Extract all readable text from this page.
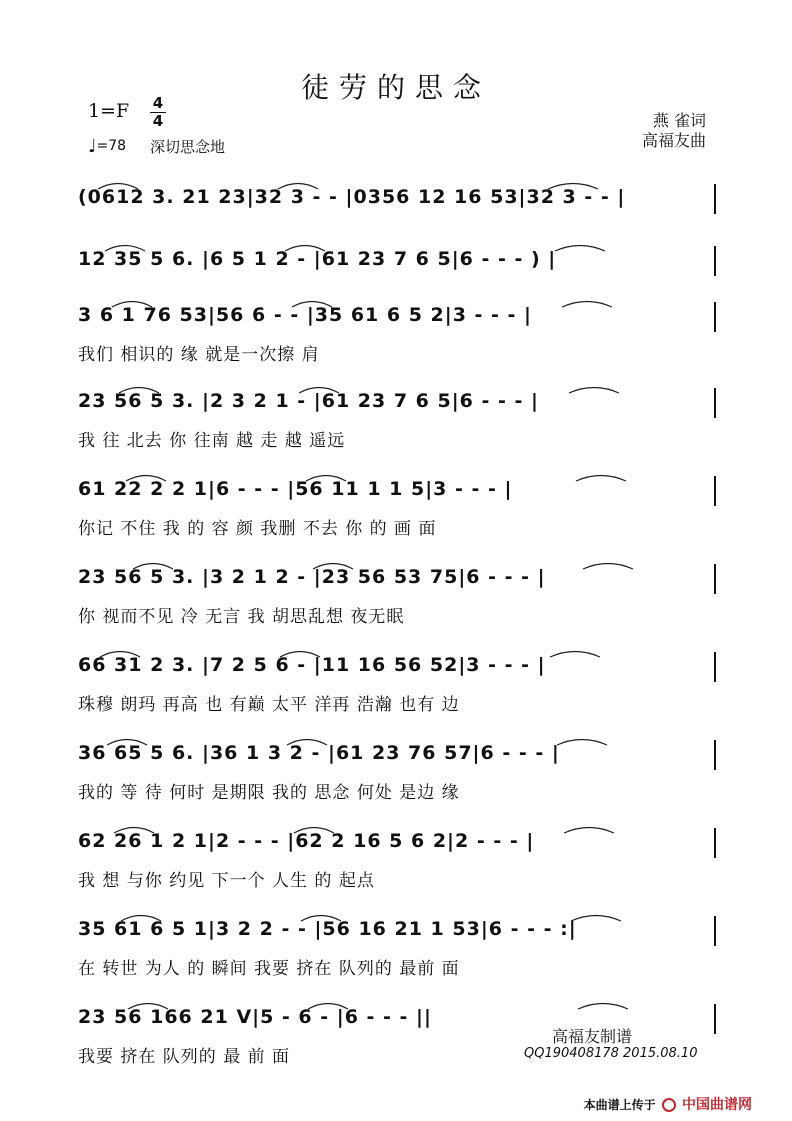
徒劳的思念
1=F 4
4
♩=78 深切思念地
燕 雀词
高福友曲
(0612 3. 21 23|32 3 - - |0356 12 16 53|32 3 - - |
12 35 5 6. |6 5 1 2 - |61 23 7 6 5|6 - - - ) |
3 6 1 76 53|56 6 - - |35 61 6 5 2|3 - - - |
我们 相识的 缘 就是一次擦 肩
23 56 5 3. |2 3 2 1 - |61 23 7 6 5|6 - - - |
我 往 北去 你 往南 越 走 越 遥远
61 22 2 2 1|6 - - - |56 11 1 1 5|3 - - - |
你记 不住 我 的 容 颜 我删 不去 你 的 画 面
23 56 5 3. |3 2 1 2 - |23 56 53 75|6 - - - |
你 视而不见 冷 无言 我 胡思乱想 夜无眠
66 31 2 3. |7 2 5 6 - |11 16 56 52|3 - - - |
珠穆 朗玛 再高 也 有巅 太平 洋再 浩瀚 也有 边
36 65 5 6. |36 1 3 2 - |61 23 76 57|6 - - - |
我的 等 待 何时 是期限 我的 思念 何处 是边 缘
62 26 1 2 1|2 - - - |62 2 16 5 6 2|2 - - - |
我 想 与你 约见 下一个 人生 的 起点
35 61 6 5 1|3 2 2 - - |56 16 21 1 53|6 - - - :|
在 转世 为人 的 瞬间 我要 挤在 队列的 最前 面
23 56 166 21 V|5 - 6 - |6 - - - ||
我要 挤在 队列的 最 前 面
高福友制谱
QQ190408178 2015.08.10
本曲谱上传于 中国曲谱网
